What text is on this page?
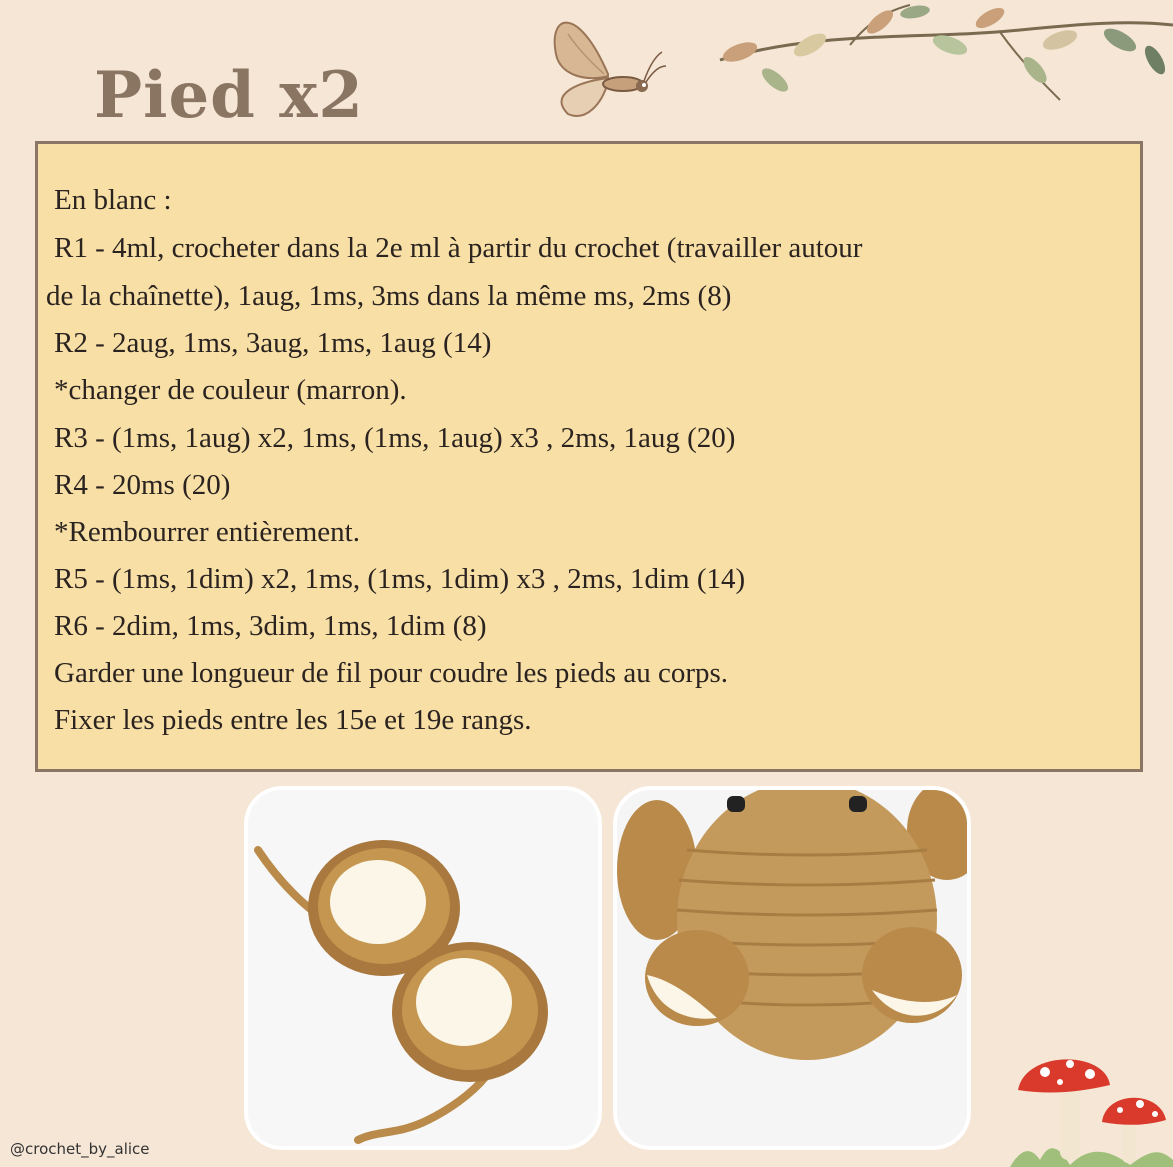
Pied x2

En blanc :

R1 - 4ml, crocheter dans la 2e ml à partir du crochet (travailler autour

de la chaînette), 1aug, 1ms, 3ms dans la même ms, 2ms (8)

R2 - 2aug, 1ms, 3aug, 1ms, 1aug (14)

*changer de couleur (marron).

R3 - (1ms, 1aug) x2, 1ms, (1ms, 1aug) x3 , 2ms, 1aug (20)

R4 - 20ms (20)

*Rembourrer entièrement.

R5 - (1ms, 1dim) x2, 1ms, (1ms, 1dim) x3 , 2ms, 1dim (14)

R6 - 2dim, 1ms, 3dim, 1ms, 1dim (8)

Garder une longueur de fil pour coudre les pieds au corps.

Fixer les pieds entre les 15e et 19e rangs.

@crochet_by_alice
